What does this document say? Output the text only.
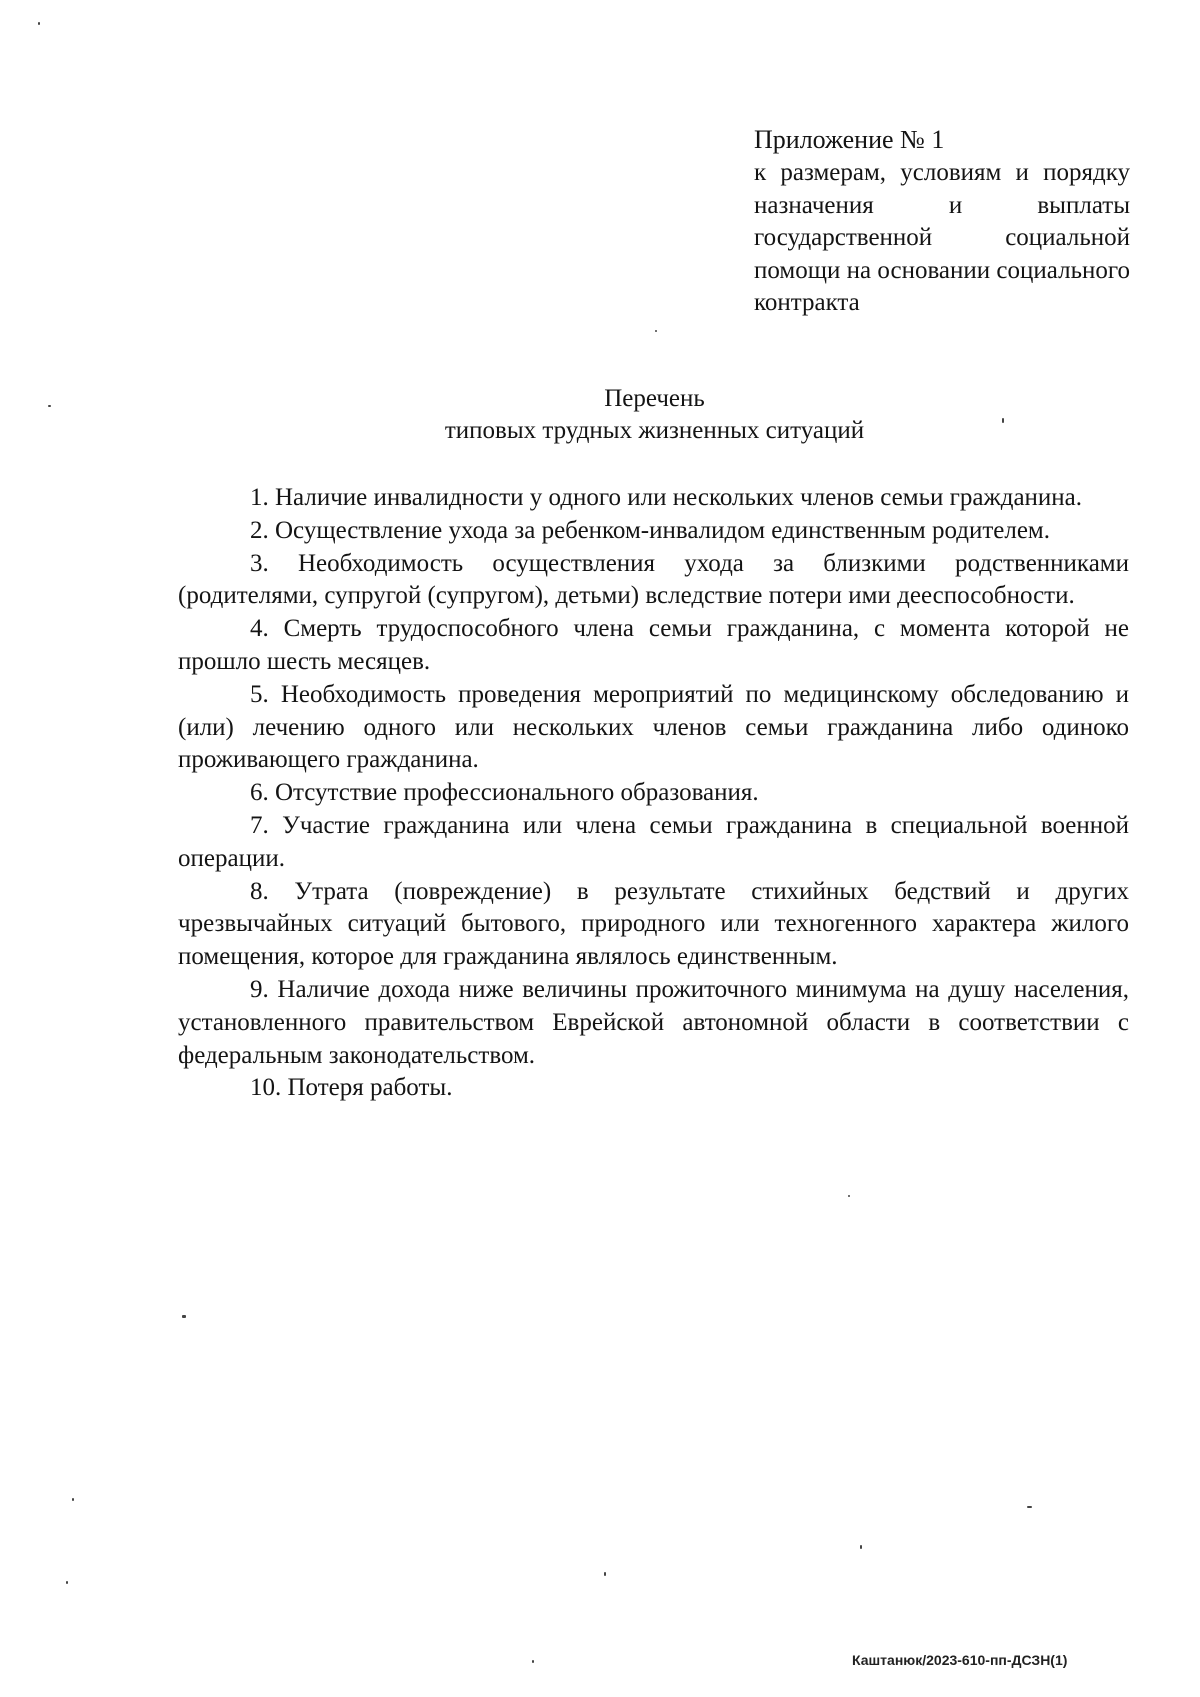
Приложение № 1
к размерам, условиям и порядку назначения и выплаты государственной социальной помощи на основании социального контракта
Перечень
типовых трудных жизненных ситуаций

1. Наличие инвалидности у одного или нескольких членов семьи гражданина.

2. Осуществление ухода за ребенком-инвалидом единственным родителем.

3. Необходимость осуществления ухода за близкими родственниками (родителями, супругой (супругом), детьми) вследствие потери ими дееспособности.

4. Смерть трудоспособного члена семьи гражданина, с момента которой не прошло шесть месяцев.

5. Необходимость проведения мероприятий по медицинскому обследованию и (или) лечению одного или нескольких членов семьи гражданина либо одиноко проживающего гражданина.

6. Отсутствие профессионального образования.

7. Участие гражданина или члена семьи гражданина в специальной военной операции.

8. Утрата (повреждение) в результате стихийных бедствий и других чрезвычайных ситуаций бытового, природного или техногенного характера жилого помещения, которое для гражданина являлось единственным.

9. Наличие дохода ниже величины прожиточного минимума на душу населения, установленного правительством Еврейской автономной области в соответствии с федеральным законодательством.

10. Потеря работы.

Каштанюк/2023-610-пп-ДСЗН(1)
